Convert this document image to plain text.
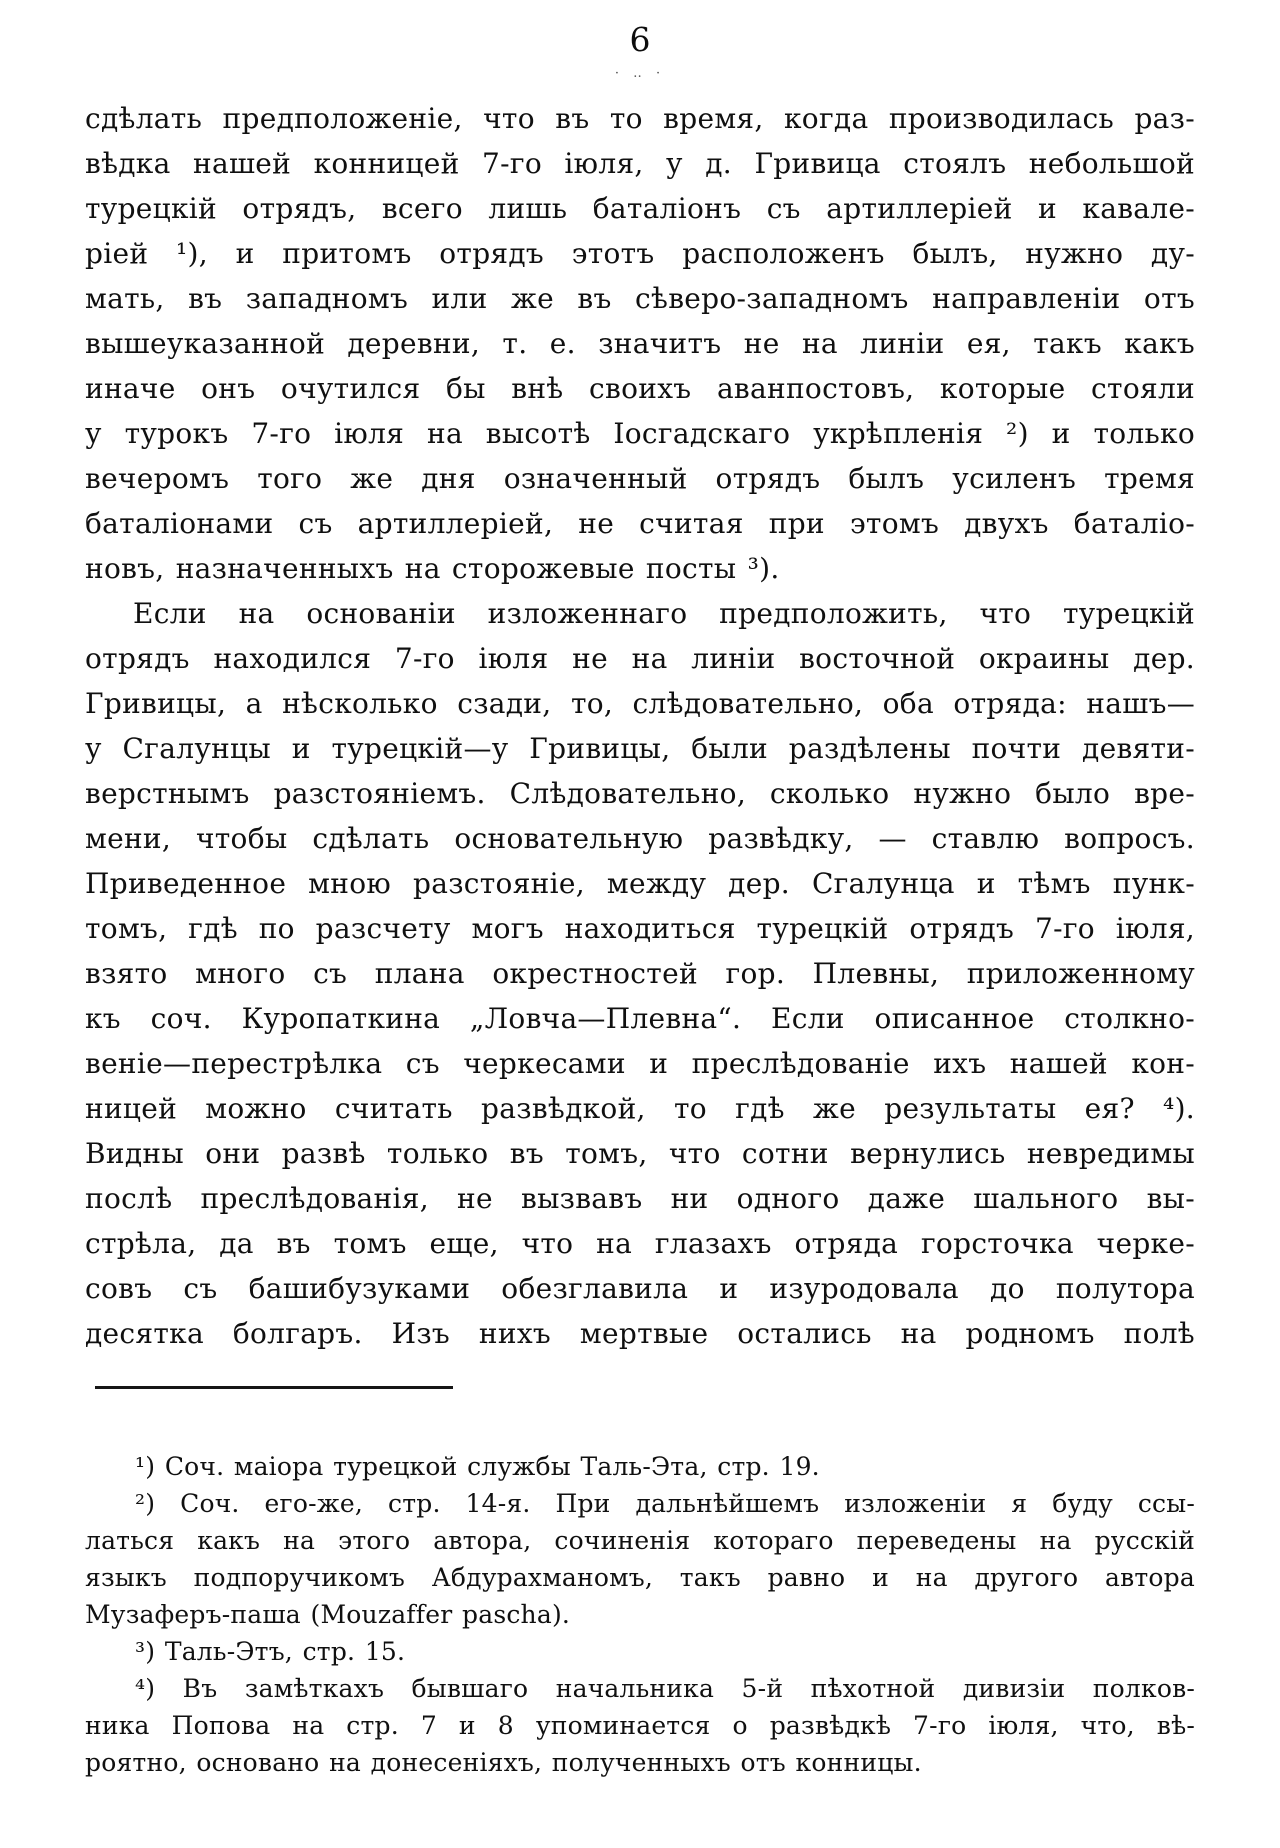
6
· ‥ ·
сдѣлать предположеніе, что въ то время, когда производилась раз-
вѣдка нашей конницей 7-го іюля, у д. Гривица стоялъ небольшой
турецкій отрядъ, всего лишь баталіонъ съ артиллеріей и кавале-
ріей ¹), и притомъ отрядъ этотъ расположенъ былъ, нужно ду-
мать, въ западномъ или же въ сѣверо-западномъ направленіи отъ
вышеуказанной деревни, т. е. значитъ не на линіи ея, такъ какъ
иначе онъ очутился бы внѣ своихъ аванпостовъ, которые стояли
у турокъ 7-го іюля на высотѣ Іосгадскаго укрѣпленія ²) и только
вечеромъ того же дня означенный отрядъ былъ усиленъ тремя
баталіонами съ артиллеріей, не считая при этомъ двухъ баталіо-
новъ, назначенныхъ на сторожевые посты ³).
Если на основаніи изложеннаго предположить, что турецкій
отрядъ находился 7-го іюля не на линіи восточной окраины дер.
Гривицы, а нѣсколько сзади, то, слѣдовательно, оба отряда: нашъ—
у Сгалунцы и турецкій—у Гривицы, были раздѣлены почти девяти-
верстнымъ разстояніемъ. Слѣдовательно, сколько нужно было вре-
мени, чтобы сдѣлать основательную развѣдку, — ставлю вопросъ.
Приведенное мною разстояніе, между дер. Сгалунца и тѣмъ пунк-
томъ, гдѣ по разсчету могъ находиться турецкій отрядъ 7-го іюля,
взято много съ плана окрестностей гор. Плевны, приложенному
къ соч. Куропаткина „Ловча—Плевна“. Если описанное столкно-
веніе—перестрѣлка съ черкесами и преслѣдованіе ихъ нашей кон-
ницей можно считать развѣдкой, то гдѣ же результаты ея? ⁴).
Видны они развѣ только въ томъ, что сотни вернулись невредимы
послѣ преслѣдованія, не вызвавъ ни одного даже шального вы-
стрѣла, да въ томъ еще, что на глазахъ отряда горсточка черке-
совъ съ башибузуками обезглавила и изуродовала до полутора
десятка болгаръ. Изъ нихъ мертвые остались на родномъ полѣ
¹) Соч. маіора турецкой службы Таль-Эта, стр. 19.
²) Соч. его-же, стр. 14-я. При дальнѣйшемъ изложеніи я буду ссы-
латься какъ на этого автора, сочиненія котораго переведены на русскій
языкъ подпоручикомъ Абдурахманомъ, такъ равно и на другого автора
Музаферъ-паша (Mouzaffer pascha).
³) Таль-Этъ, стр. 15.
⁴) Въ замѣткахъ бывшаго начальника 5-й пѣхотной дивизіи полков-
ника Попова на стр. 7 и 8 упоминается о развѣдкѣ 7-го іюля, что, вѣ-
роятно, основано на донесеніяхъ, полученныхъ отъ конницы.
